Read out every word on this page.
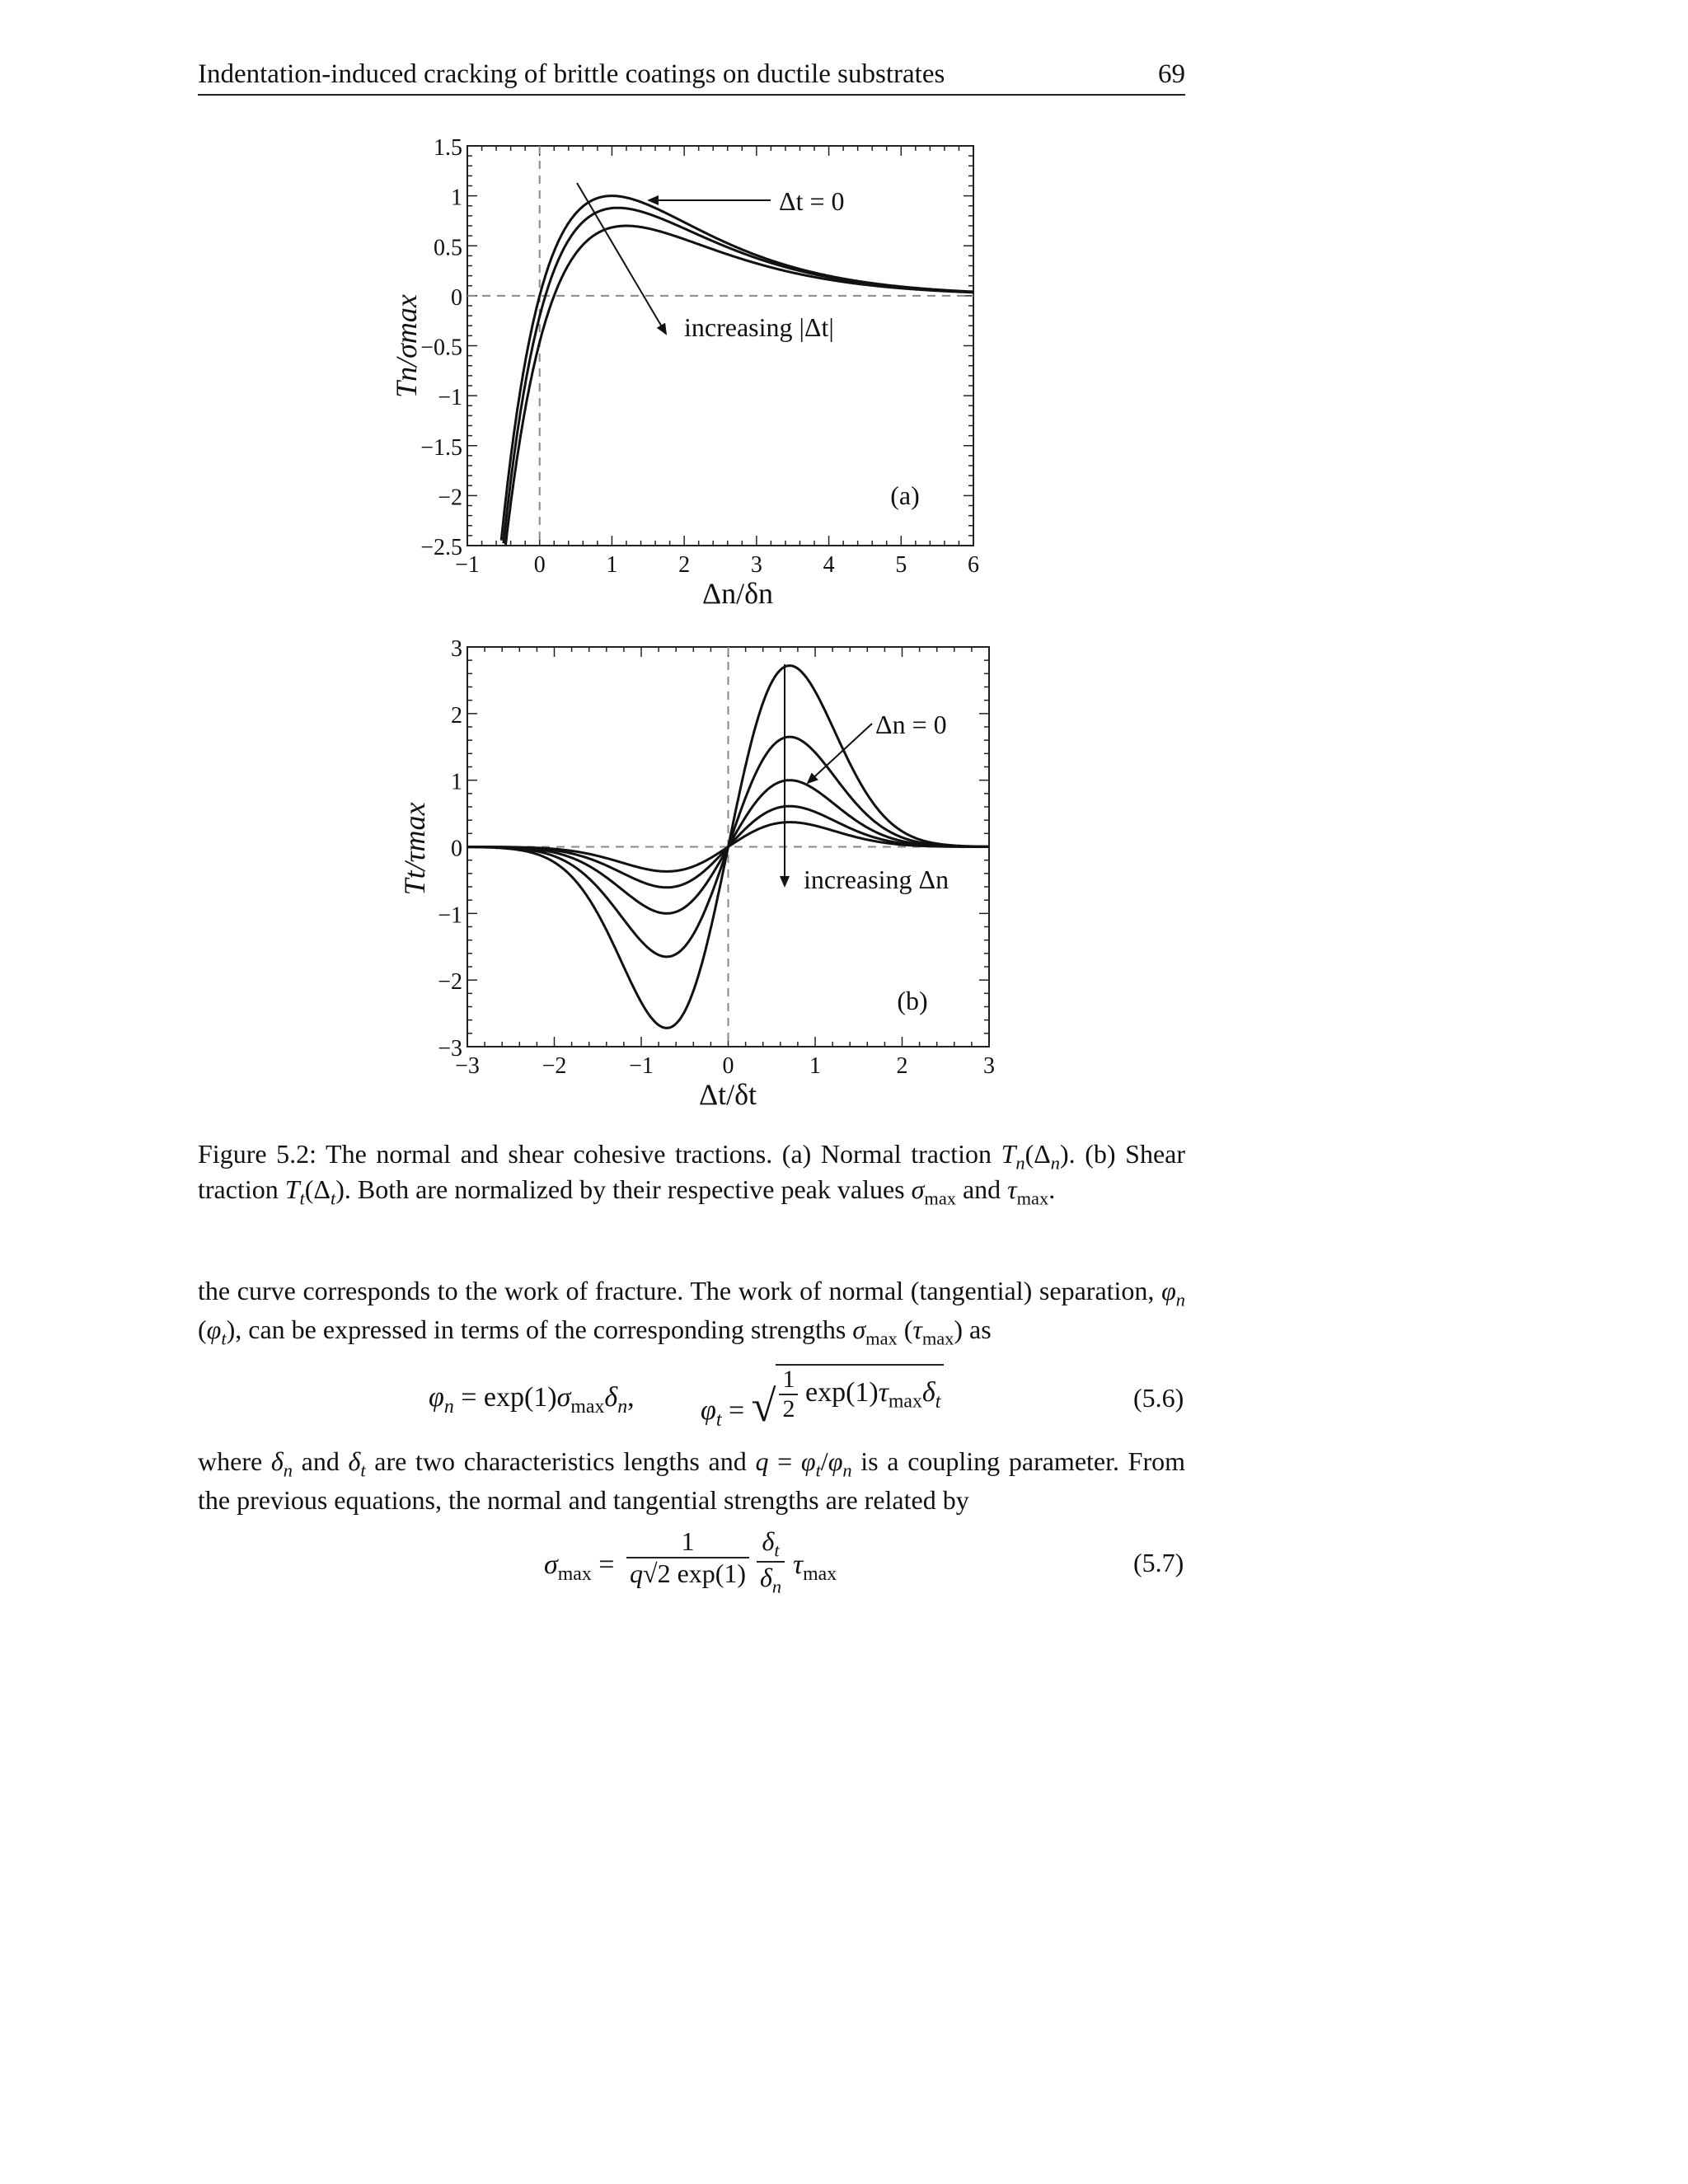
Indentation-induced cracking of brittle coatings on ductile substrates	69
1.5
1
0.5
0
−0.5
−1
−1.5
−2
−2.5
−1 0	1	2	3	4	5	6
Tn/σmax
Δn/δn
(a)
Δt = 0
increasing |Δt|
3
2
1
0
−1
−2
−3
−3	−2	−1	0	1	2	3
Tt/τmax
Δt/δt
(b)
Δn = 0
increasing Δn
Figure 5.2: The normal and shear cohesive tractions. (a) Normal traction $T_n(\Delta_n)$. (b) Shear traction $T_t(\Delta_t)$. Both are normalized by their respective peak values $\sigma_{max}$ and $\tau_{max}$.
the curve corresponds to the work of fracture. The work of normal (tangential) separation, $\varphi_n$ $(\varphi_t)$, can be expressed in terms of the corresponding strengths $\sigma_{max}$ $(\tau_{max})$ as
$\varphi_n = \exp(1)\sigma_{max}\delta_n$, $\varphi_t$ = √ $\frac{1}{2} \exp(1)\tau_{max}\delta_t$	(5.6)
where $\delta_n$ and $\delta_t$ are two characteristics lengths and $q = \varphi_t/\varphi_n$ is a coupling parameter. From the previous equations, the normal and tangential strengths are related by
$\sigma_{max} = \frac{1}{q√2 \exp(1)} \frac{\delta_t}{\delta_n} \tau_{max}$	(5.7)
